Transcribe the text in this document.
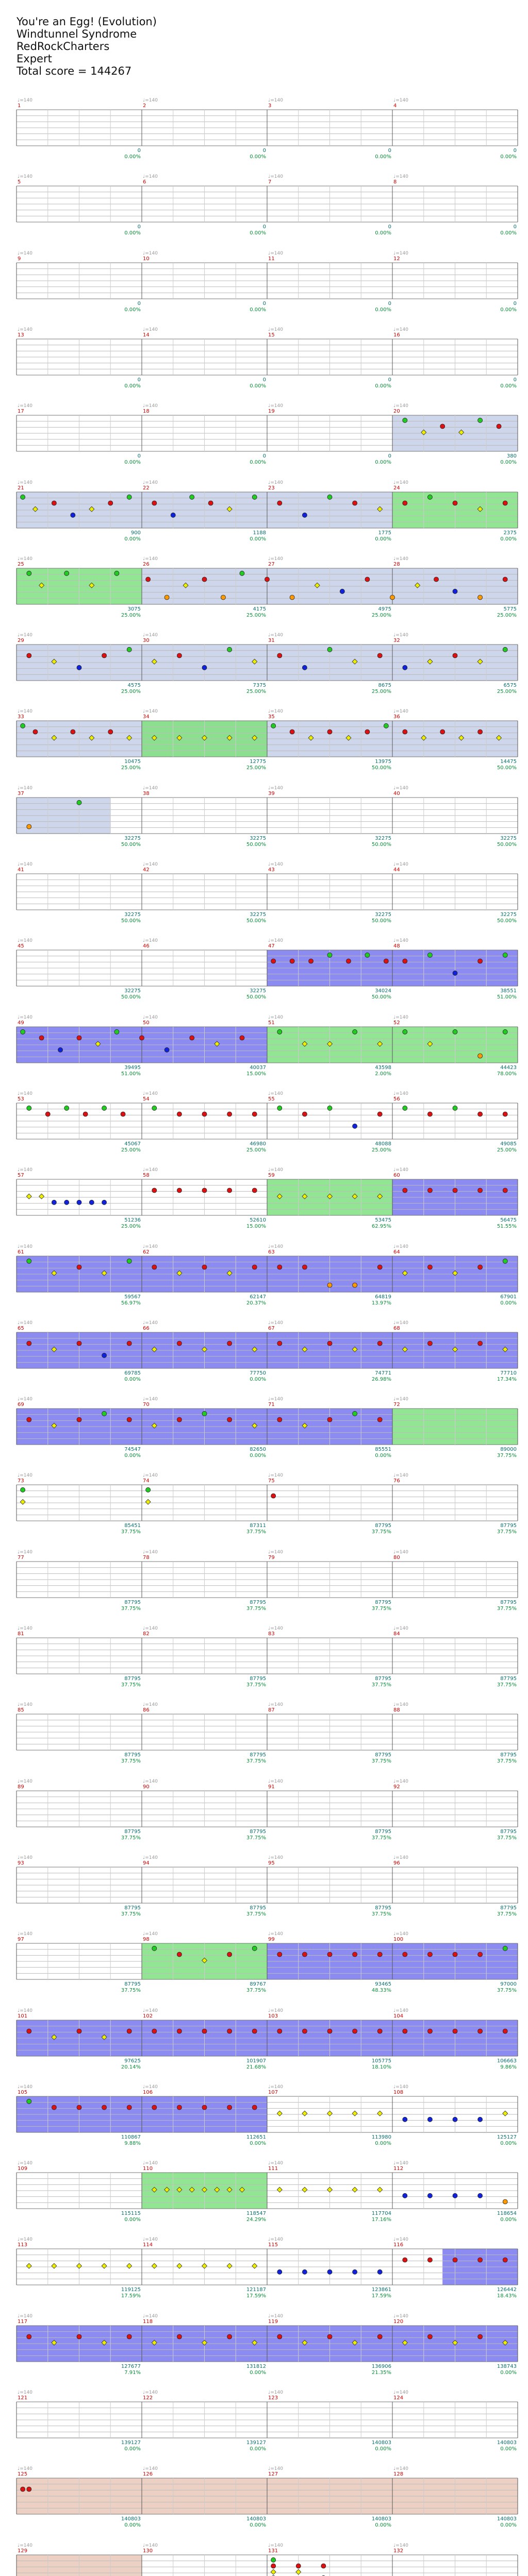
You're an Egg! (Evolution)
Windtunnel Syndrome
RedRockCharters
Expert
Total score = 144267
♩=140
1
0
0.00%
♩=140
2
0
0.00%
♩=140
3
0
0.00%
♩=140
4
0
0.00%
♩=140
5
0
0.00%
♩=140
6
0
0.00%
♩=140
7
0
0.00%
♩=140
8
0
0.00%
♩=140
9
0
0.00%
♩=140
10
0
0.00%
♩=140
11
0
0.00%
♩=140
12
0
0.00%
♩=140
13
0
0.00%
♩=140
14
0
0.00%
♩=140
15
0
0.00%
♩=140
16
0
0.00%
♩=140
17
0
0.00%
♩=140
18
0
0.00%
♩=140
19
0
0.00%
♩=140
20
380
0.00%
♩=140
21
900
0.00%
♩=140
22
1188
0.00%
♩=140
23
1775
0.00%
♩=140
24
2375
0.00%
♩=140
25
3075
25.00%
♩=140
26
4175
25.00%
♩=140
27
4975
25.00%
♩=140
28
5775
25.00%
♩=140
29
4575
25.00%
♩=140
30
7375
25.00%
♩=140
31
8675
25.00%
♩=140
32
6575
25.00%
♩=140
33
10475
25.00%
♩=140
34
12775
25.00%
♩=140
35
13975
50.00%
♩=140
36
14475
50.00%
♩=140
37
32275
50.00%
♩=140
38
32275
50.00%
♩=140
39
32275
50.00%
♩=140
40
32275
50.00%
♩=140
41
32275
50.00%
♩=140
42
32275
50.00%
♩=140
43
32275
50.00%
♩=140
44
32275
50.00%
♩=140
45
32275
50.00%
♩=140
46
32275
50.00%
♩=140
47
34024
50.00%
♩=140
48
38551
51.00%
♩=140
49
39495
51.00%
♩=140
50
40037
15.00%
♩=140
51
43598
2.00%
♩=140
52
44423
78.00%
♩=140
53
45067
25.00%
♩=140
54
46980
25.00%
♩=140
55
48088
25.00%
♩=140
56
49085
25.00%
♩=140
57
51236
25.00%
♩=140
58
52610
15.00%
♩=140
59
53475
62.95%
♩=140
60
56475
51.55%
♩=140
61
59567
56.97%
♩=140
62
62147
20.37%
♩=140
63
64819
13.97%
♩=140
64
67901
0.00%
♩=140
65
69785
0.00%
♩=140
66
77750
0.00%
♩=140
67
74771
26.98%
♩=140
68
77710
17.34%
♩=140
69
74547
0.00%
♩=140
70
82650
0.00%
♩=140
71
85551
0.00%
♩=140
72
89000
37.75%
♩=140
73
85451
37.75%
♩=140
74
87311
37.75%
♩=140
75
87795
37.75%
♩=140
76
87795
37.75%
♩=140
77
87795
37.75%
♩=140
78
87795
37.75%
♩=140
79
87795
37.75%
♩=140
80
87795
37.75%
♩=140
81
87795
37.75%
♩=140
82
87795
37.75%
♩=140
83
87795
37.75%
♩=140
84
87795
37.75%
♩=140
85
87795
37.75%
♩=140
86
87795
37.75%
♩=140
87
87795
37.75%
♩=140
88
87795
37.75%
♩=140
89
87795
37.75%
♩=140
90
87795
37.75%
♩=140
91
87795
37.75%
♩=140
92
87795
37.75%
♩=140
93
87795
37.75%
♩=140
94
87795
37.75%
♩=140
95
87795
37.75%
♩=140
96
87795
37.75%
♩=140
97
87795
37.75%
♩=140
98
89767
37.75%
♩=140
99
93465
48.33%
♩=140
100
97000
37.75%
♩=140
101
97625
20.14%
♩=140
102
101907
21.68%
♩=140
103
105775
18.10%
♩=140
104
106663
9.86%
♩=140
105
110867
9.88%
♩=140
106
112651
0.00%
♩=140
107
113980
0.00%
♩=140
108
125127
0.00%
♩=140
109
115115
0.00%
♩=140
110
118547
24.29%
♩=140
111
117704
17.16%
♩=140
112
118654
0.00%
♩=140
113
119125
17.59%
♩=140
114
121187
17.59%
♩=140
115
123861
17.59%
♩=140
116
126442
18.43%
♩=140
117
127677
7.91%
♩=140
118
131812
0.00%
♩=140
119
136906
21.35%
♩=140
120
138743
0.00%
♩=140
121
139127
0.00%
♩=140
122
139127
0.00%
♩=140
123
140803
0.00%
♩=140
124
140803
0.00%
♩=140
125
140803
0.00%
♩=140
126
140803
0.00%
♩=140
127
140803
0.00%
♩=140
128
140803
0.00%
♩=140
129
♩=140
130
♩=140
131
♩=140
132
